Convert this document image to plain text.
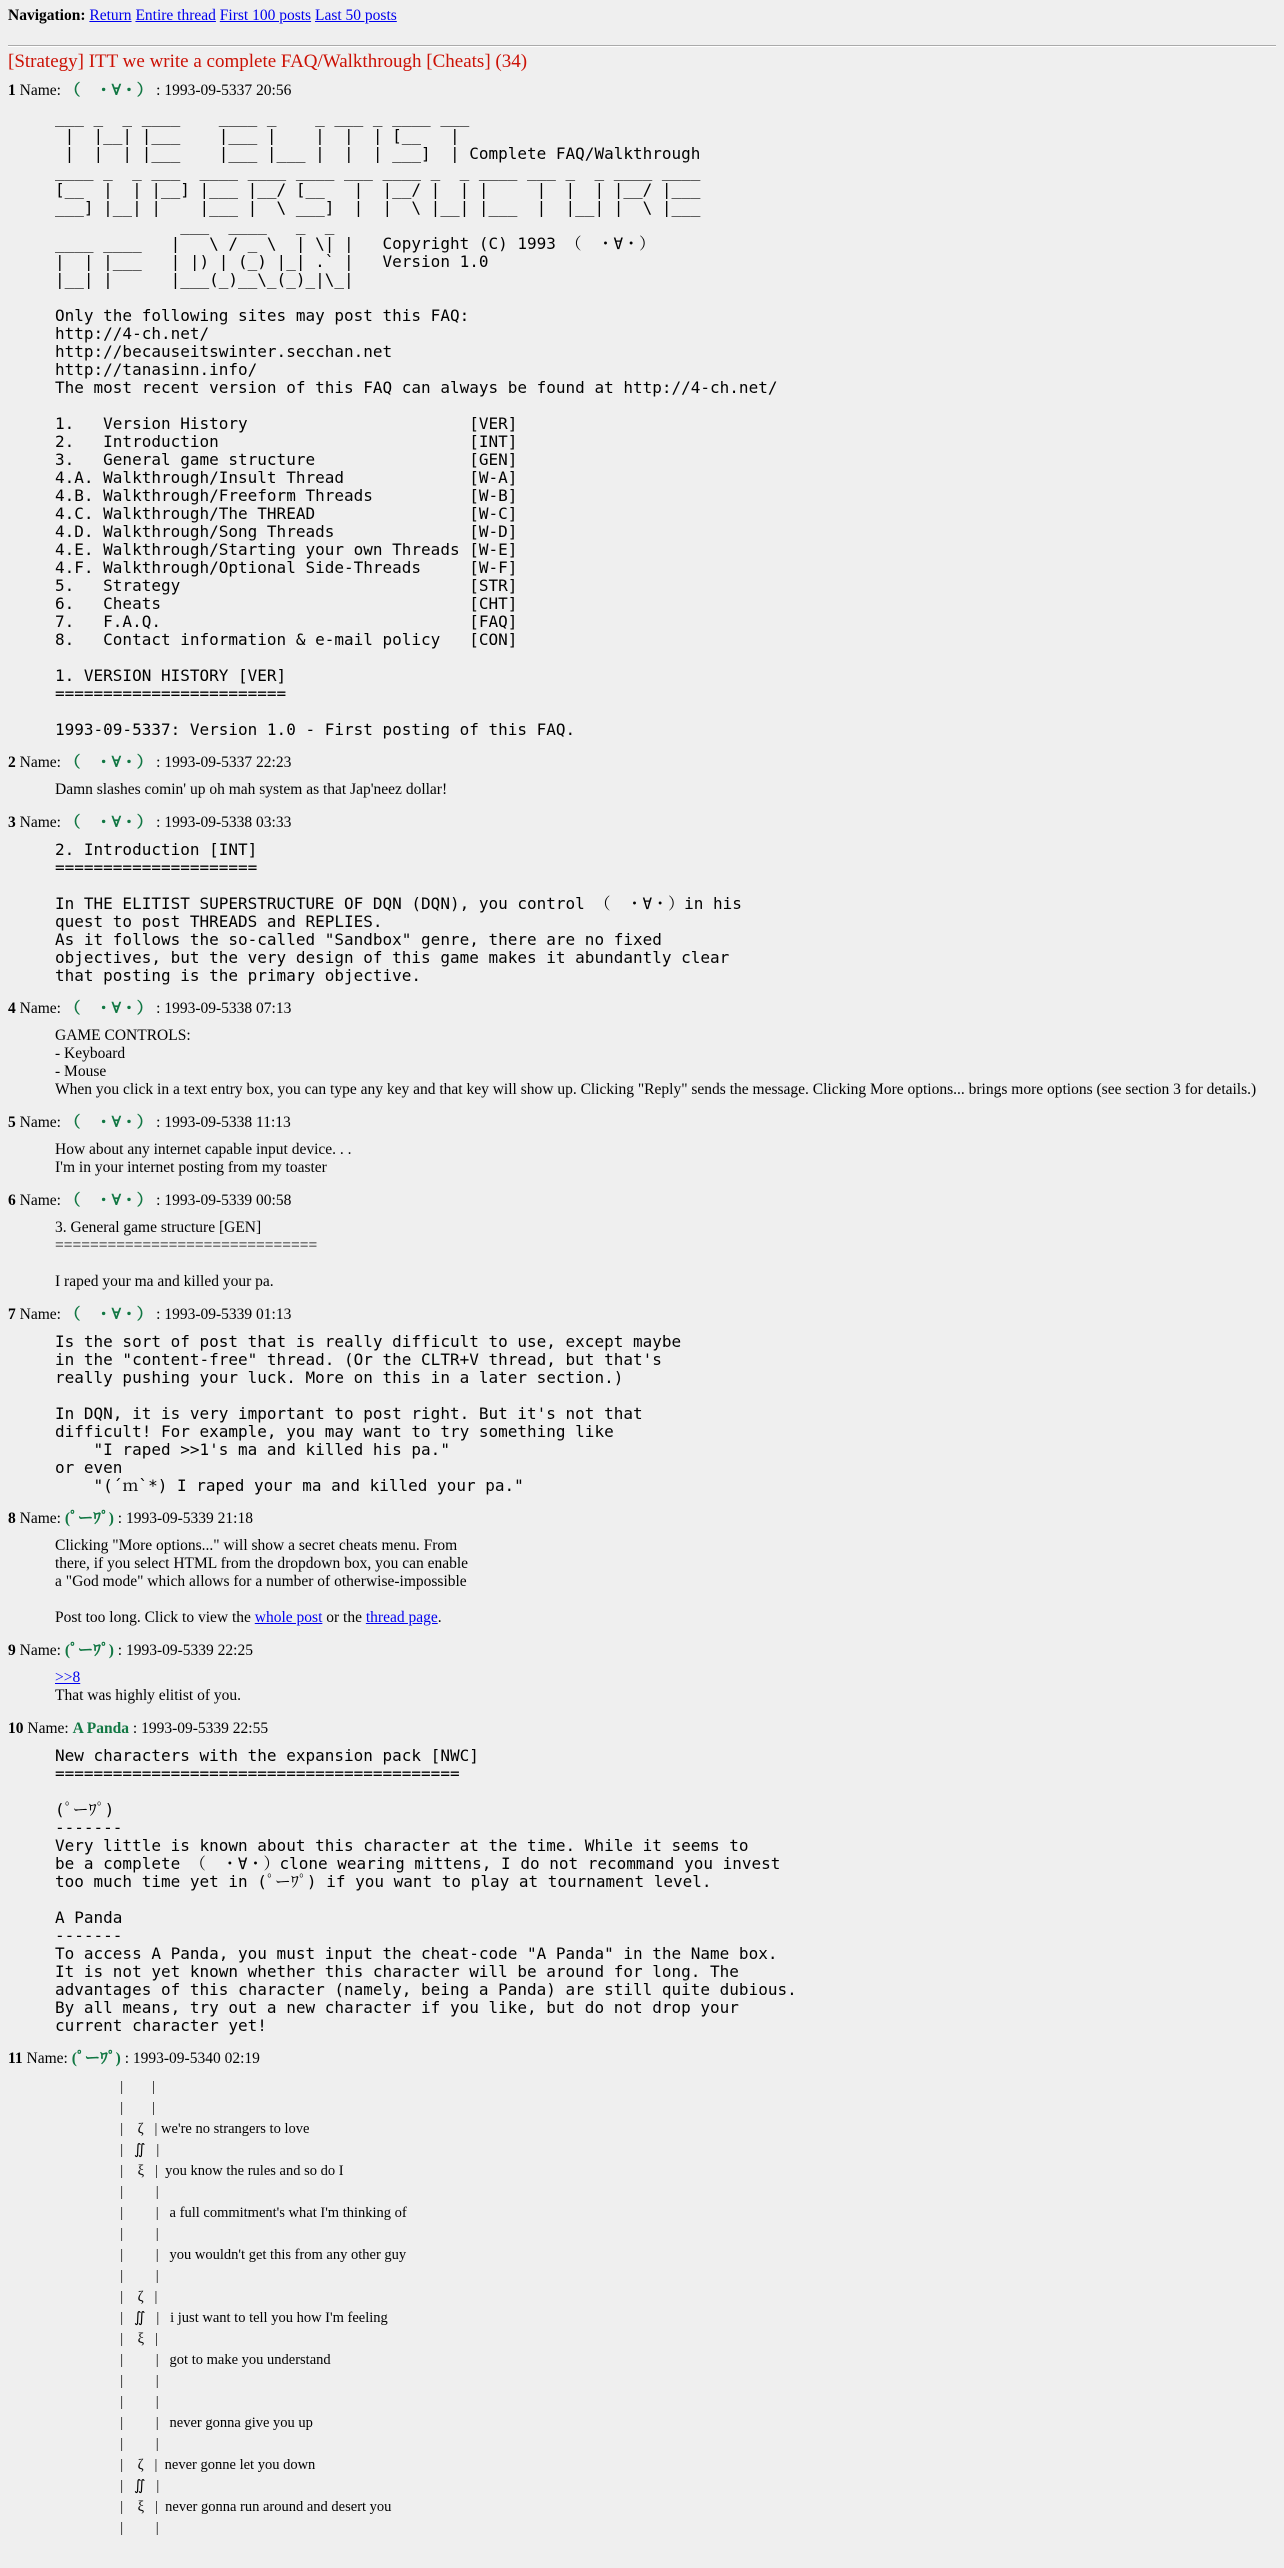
Navigation: Return Entire thread First 100 posts Last 50 posts
[Strategy] ITT we write a complete FAQ/Walkthrough [Cheats] (34)
1 Name: （　・∀・） : 1993-09-5337 20:56
___ _  _ ____    ____ _    _ ___ _ ____ ___
|  |__| |___    |___ |    |  |  | [__   |
|  |  | |___    |___ |___ |  |  | ___]  | Complete FAQ/Walkthrough
____ _  _ ___  ____ ____ ____ ___ ____ _  _ ____ ___ _  _ ____ ____
[__  |  | |__] |___ |__/ [__   |  |__/ |  | |     |  |  | |__/ |___
___] |__| |    |___ |  \ ___]  |  |  \ |__| |___  |  |__| |  \ |___
___  ____   _  _
____ ____   |   \ / _ \  | \| |   Copyright (C) 1993 （　・∀・）
|  | |___   | |) | (_) |_| .` |   Version 1.0
|__| |      |___(_)__\_(_)_|\_|

Only the following sites may post this FAQ:
http://4-ch.net/
http://becauseitswinter.secchan.net
http://tanasinn.info/
The most recent version of this FAQ can always be found at http://4-ch.net/

1.   Version History                       [VER]
2.   Introduction                          [INT]
3.   General game structure                [GEN]
4.A. Walkthrough/Insult Thread             [W-A]
4.B. Walkthrough/Freeform Threads          [W-B]
4.C. Walkthrough/The THREAD                [W-C]
4.D. Walkthrough/Song Threads              [W-D]
4.E. Walkthrough/Starting your own Threads [W-E]
4.F. Walkthrough/Optional Side-Threads     [W-F]
5.   Strategy                              [STR]
6.   Cheats                                [CHT]
7.   F.A.Q.                                [FAQ]
8.   Contact information & e-mail policy   [CON]

1. VERSION HISTORY [VER]
========================

1993-09-5337: Version 1.0 - First posting of this FAQ.
2 Name: （　・∀・） : 1993-09-5337 22:23
Damn slashes comin' up oh mah system as that Jap'neez dollar!
3 Name: （　・∀・） : 1993-09-5338 03:33
2. Introduction [INT]
=====================

In THE ELITIST SUPERSTRUCTURE OF DQN (DQN), you control （　・∀・）in his
quest to post THREADS and REPLIES.
As it follows the so-called "Sandbox" genre, there are no fixed
objectives, but the very design of this game makes it abundantly clear
that posting is the primary objective.
4 Name: （　・∀・） : 1993-09-5338 07:13
GAME CONTROLS:
- Keyboard
- Mouse
When you click in a text entry box, you can type any key and that key will show up. Clicking "Reply" sends the message. Clicking More options... brings more options (see section 3 for details.)
5 Name: （　・∀・） : 1993-09-5338 11:13
How about any internet capable input device. . .
I'm in your internet posting from my toaster
6 Name: （　・∀・） : 1993-09-5339 00:58
3. General game structure [GEN]
==============================
I raped your ma and killed your pa.
7 Name: （　・∀・） : 1993-09-5339 01:13
Is the sort of post that is really difficult to use, except maybe
in the "content-free" thread. (Or the CLTR+V thread, but that's
really pushing your luck. More on this in a later section.)

In DQN, it is very important to post right. But it's not that
difficult! For example, you may want to try something like
"I raped >>1's ma and killed his pa."
or even
"(´ｍ`*) I raped your ma and killed your pa."
8 Name: (ﾟーﾜﾟ) : 1993-09-5339 21:18
Clicking "More options..." will show a secret cheats menu. From
there, if you select HTML from the dropdown box, you can enable
a "God mode" which allows for a number of otherwise-impossible
Post too long. Click to view the whole post or the thread page.
9 Name: (ﾟーﾜﾟ) : 1993-09-5339 22:25
>>8

That was highly elitist of you.
10 Name: A Panda : 1993-09-5339 22:55
New characters with the expansion pack [NWC]
==========================================

(ﾟーﾜﾟ)
-------
Very little is known about this character at the time. While it seems to
be a complete （　・∀・）clone wearing mittens, I do not recommand you invest
too much time yet in (ﾟーﾜﾟ) if you want to play at tournament level.

A Panda
-------
To access A Panda, you must input the cheat-code "A Panda" in the Name box.
It is not yet known whether this character will be around for long. The
advantages of this character (namely, being a Panda) are still quite dubious.
By all means, try out a new character if you like, but do not drop your
current character yet!
11 Name: (ﾟーﾜﾟ) : 1993-09-5340 02:19
|        |
|        |
|    ζ   | we're no strangers to love
|   ∬   |
|    ξ   |  you know the rules and so do I
|         |
|         |   a full commitment's what I'm thinking of
|         |
|         |   you wouldn't get this from any other guy
|         |
|    ζ   |
|   ∬   |   i just want to tell you how I'm feeling
|    ξ   |
|         |   got to make you understand
|         |
|         |
|         |   never gonna give you up
|         |
|    ζ   |  never gonne let you down
|   ∬   |
|    ξ   |  never gonna run around and desert you
|         |
